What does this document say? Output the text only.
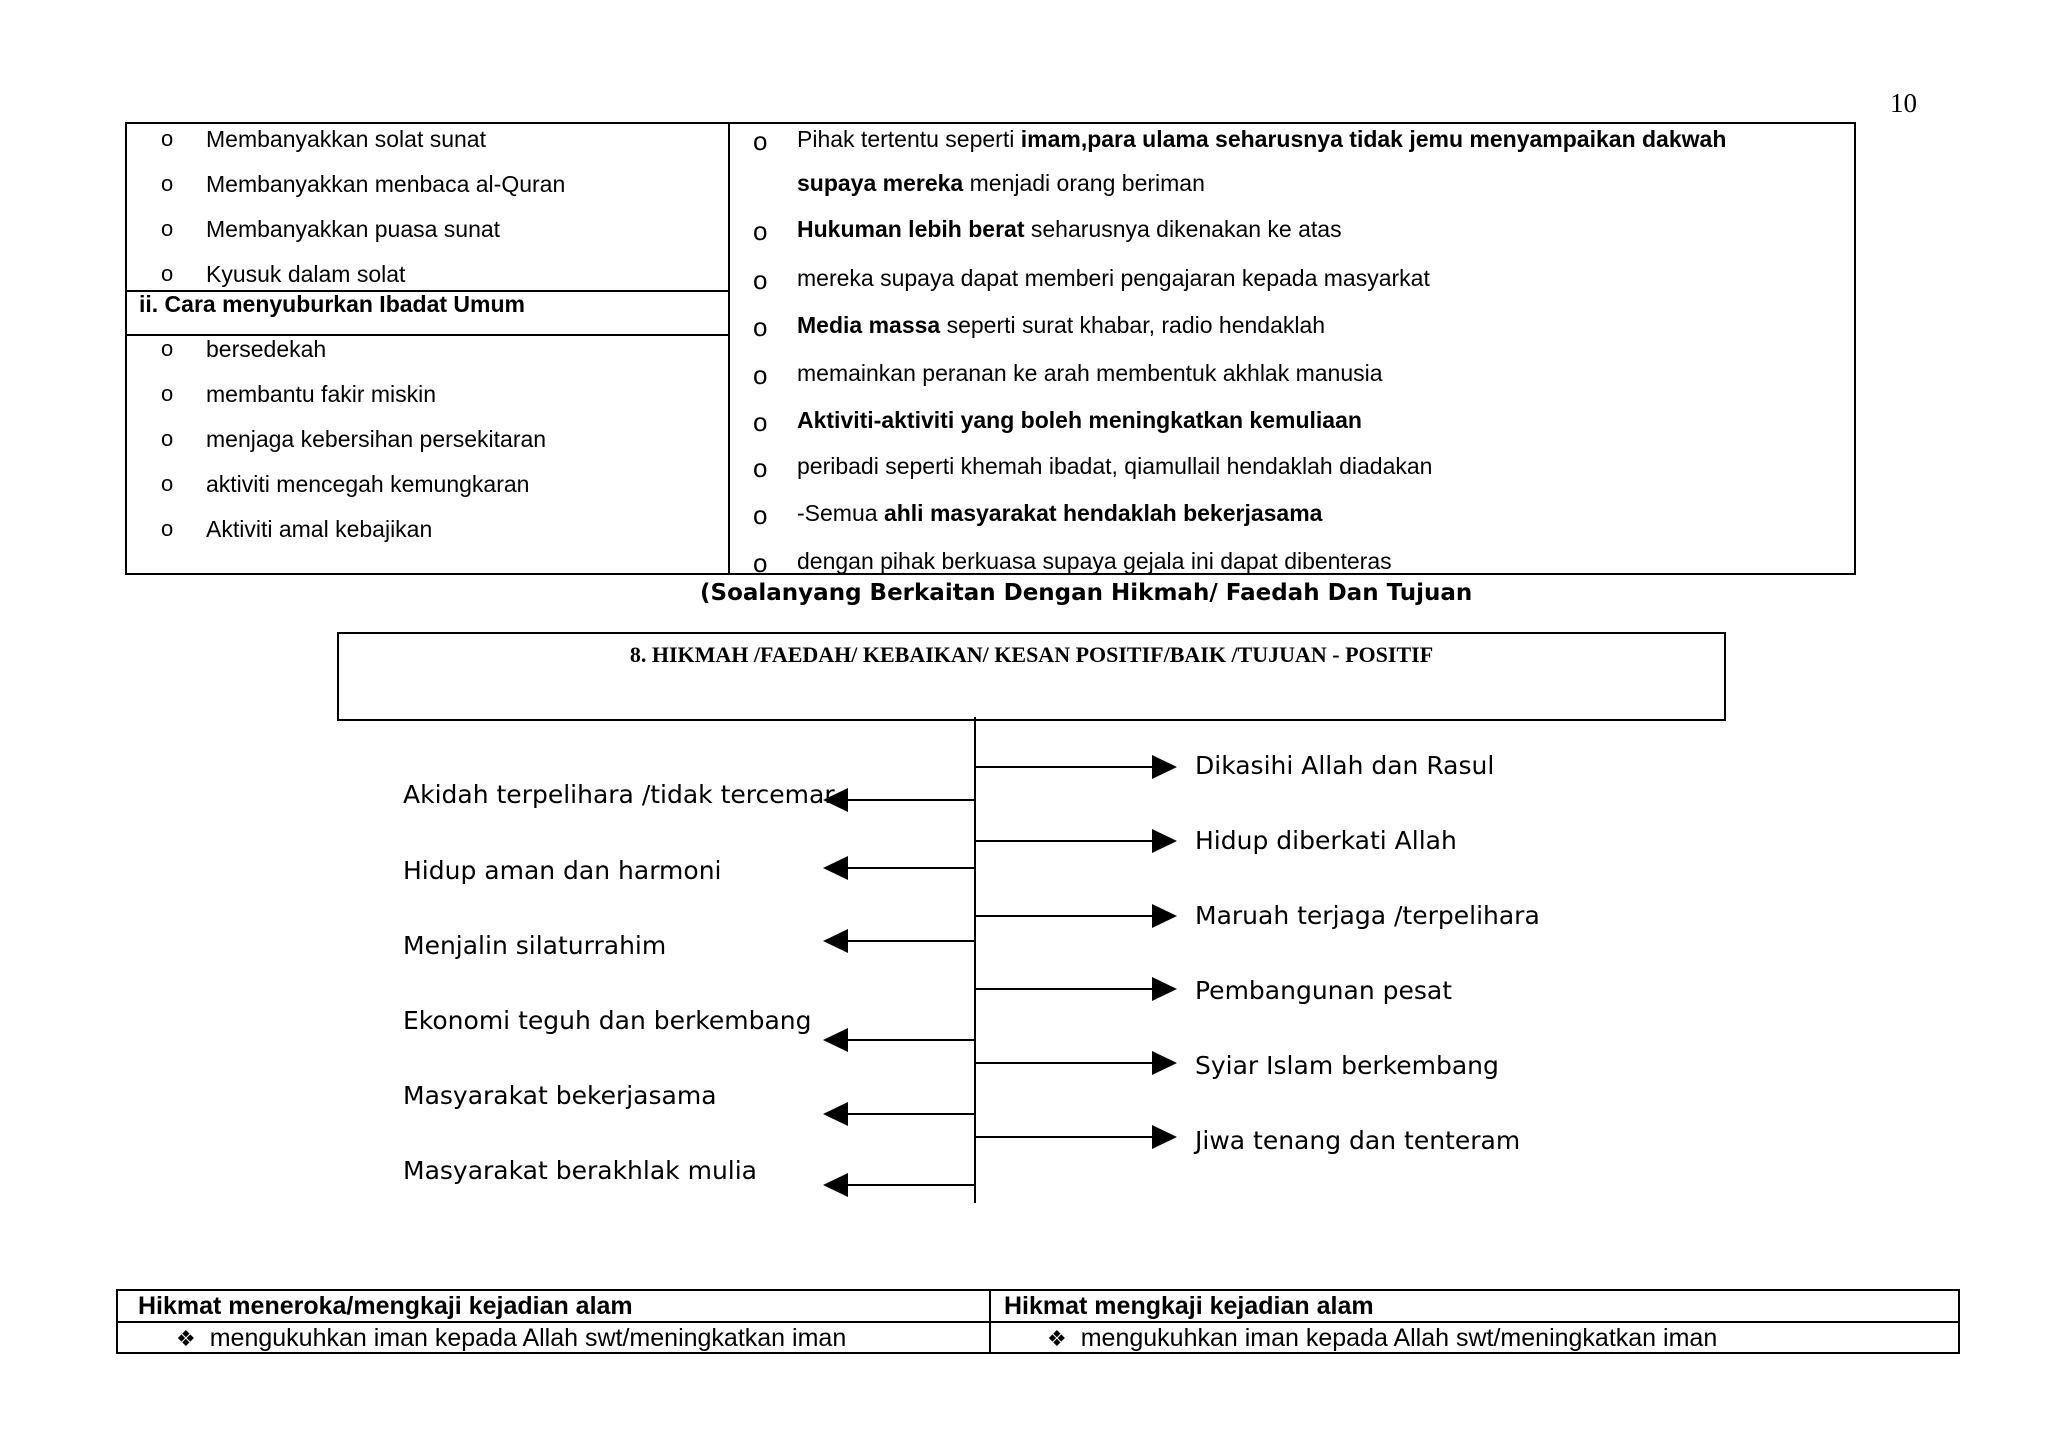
10
o Membanyakkan solat sunat
o Membanyakkan menbaca al-Quran
o Membanyakkan puasa sunat
o Kyusuk dalam solat
o bersedekah
o membantu fakir miskin
o menjaga kebersihan persekitaran
o aktiviti mencegah kemungkaran
o Aktiviti amal kebajikan
ii. Cara menyuburkan Ibadat Umum
o Pihak tertentu seperti imam,para ulama seharusnya tidak jemu menyampaikan dakwah
supaya mereka menjadi orang beriman
o Hukuman lebih berat seharusnya dikenakan ke atas
o mereka supaya dapat memberi pengajaran kepada masyarkat
o Media massa seperti surat khabar, radio hendaklah
o memainkan peranan ke arah membentuk akhlak manusia
o Aktiviti-aktiviti yang boleh meningkatkan kemuliaan
o peribadi seperti khemah ibadat, qiamullail hendaklah diadakan
o -Semua ahli masyarakat hendaklah bekerjasama
o dengan pihak berkuasa supaya gejala ini dapat dibenteras
(Soalanyang Berkaitan Dengan Hikmah/ Faedah Dan Tujuan
8. HIKMAH /FAEDAH/ KEBAIKAN/ KESAN POSITIF/BAIK /TUJUAN - POSITIF
Dikasihi Allah dan Rasul
Hidup diberkati Allah
Maruah terjaga /terpelihara
Pembangunan pesat
Syiar Islam berkembang
Jiwa tenang dan tenteram
Akidah terpelihara /tidak tercemar
Hidup aman dan harmoni
Menjalin silaturrahim
Ekonomi teguh dan berkembang
Masyarakat bekerjasama
Masyarakat berakhlak mulia
Hikmat meneroka/mengkaji kejadian alam	Hikmat mengkaji kejadian alam
❖ mengukuhkan iman kepada Allah swt/meningkatkan iman	❖ mengukuhkan iman kepada Allah swt/meningkatkan iman
